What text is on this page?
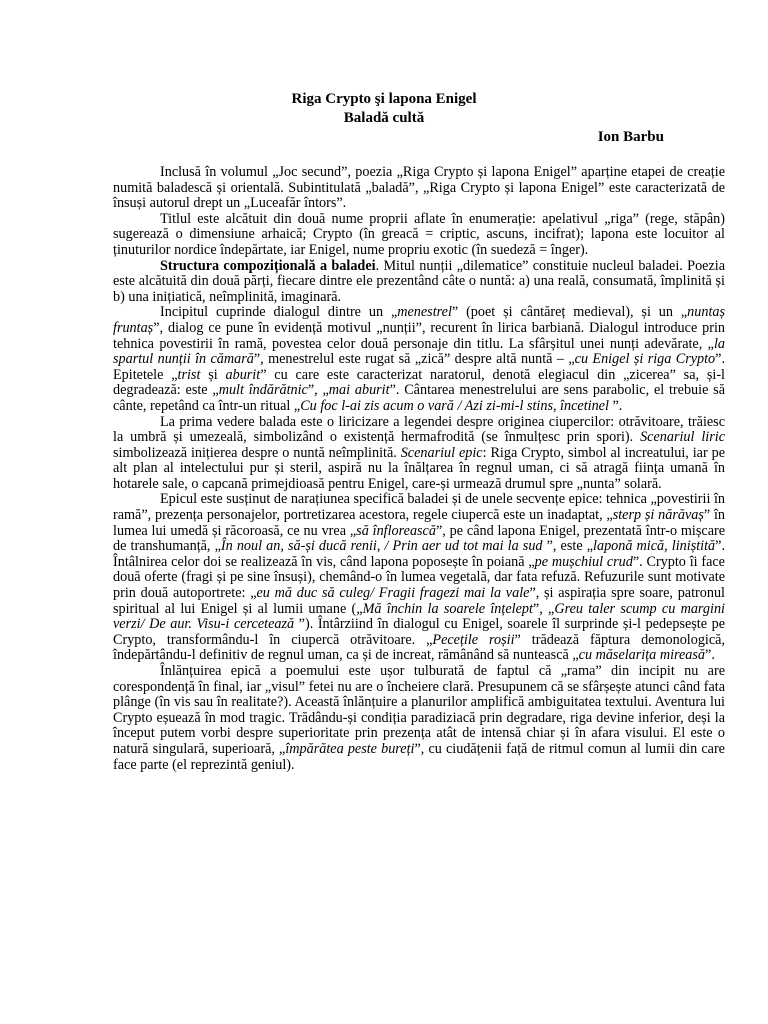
Riga Crypto şi lapona Enigel
Baladă cultă
Ion Barbu

Inclusă în volumul „Joc secund”, poezia „Riga Crypto și lapona Enigel” aparține etapei de creație numită baladescă și orientală. Subintitulată „baladă”, „Riga Crypto și lapona Enigel” este caracterizată de însuși autorul drept un „Luceafăr întors”.

Titlul este alcătuit din două nume proprii aflate în enumerație: apelativul „riga” (rege, stăpân) sugerează o dimensiune arhaică; Crypto (în greacă = criptic, ascuns, incifrat); lapona este locuitor al ținuturilor nordice îndepărtate, iar Enigel, nume propriu exotic (în suedeză = înger).

Structura compozițională a baladei. Mitul nunții „dilematice” constituie nucleul baladei. Poezia este alcătuită din două părți, fiecare dintre ele prezentând câte o nuntă: a) una reală, consumată, împlinită și b) una inițiatică, neîmplinită, imaginară.

Incipitul cuprinde dialogul dintre un „menestrel” (poet și cântăreț medieval), și un „nuntaș fruntaș”, dialog ce pune în evidență motivul „nunții”, recurent în lirica barbiană. Dialogul introduce prin tehnica povestirii în ramă, povestea celor două personaje din titlu. La sfârșitul unei nunți adevărate, „la spartul nunții în cămară”, menestrelul este rugat să „zică” despre altă nuntă – „cu Enigel și riga Crypto”. Epitetele „trist și aburit” cu care este caracterizat naratorul, denotă elegiacul din „zicerea” sa, și-l degradează: este „mult îndărătnic”, „mai aburit”. Cântarea menestrelului are sens parabolic, el trebuie să cânte, repetând ca într-un ritual „Cu foc l-ai zis acum o vară / Azi zi-mi-l stins, încetinel ”.

La prima vedere balada este o liricizare a legendei despre originea ciupercilor: otrăvitoare, trăiesc la umbră și umezeală, simbolizând o existență hermafrodită (se înmulțesc prin spori). Scenariul liric simbolizează inițierea despre o nuntă neîmplinită. Scenariul epic: Riga Crypto, simbol al increatului, iar pe alt plan al intelectului pur și steril, aspiră nu la înălțarea în regnul uman, ci să atragă ființa umană în hotarele sale, o capcană primejdioasă pentru Enigel, care-și urmează drumul spre „nunta” solară.

Epicul este susținut de narațiunea specifică baladei și de unele secvențe epice: tehnica „povestirii în ramă”, prezența personajelor, portretizarea acestora, regele ciupercă este un inadaptat, „sterp și nărăvaș” în lumea lui umedă și răcoroasă, ce nu vrea „să înflorească”, pe când lapona Enigel, prezentată într-o mișcare de transhumanță, „În noul an, să-și ducă renii, / Prin aer ud tot mai la sud ”, este „laponă mică, liniștită”. Întâlnirea celor doi se realizează în vis, când lapona poposește în poiană „pe mușchiul crud”. Crypto îi face două oferte (fragi și pe sine însuși), chemând-o în lumea vegetală, dar fata refuză. Refuzurile sunt motivate prin două autoportrete: „eu mă duc să culeg/ Fragii fragezi mai la vale”, și aspirația spre soare, patronul spiritual al lui Enigel și al lumii umane („Mă închin la soarele înțelept”, „Greu taler scump cu margini verzi/ De aur. Visu-i cercetează ”). Întârziind în dialogul cu Enigel, soarele îl surprinde și-l pedepsește pe Crypto, transformându-l în ciupercă otrăvitoare. „Pecețile roșii” trădează făptura demonologică, îndepărtându-l definitiv de regnul uman, ca și de increat, rămânând să nuntească „cu măselarița mireasă”.

Înlănțuirea epică a poemului este ușor tulburată de faptul că „rama” din incipit nu are corespondență în final, iar „visul” fetei nu are o încheiere clară. Presupunem că se sfârșește atunci când fata plânge (în vis sau în realitate?). Această înlănțuire a planurilor amplifică ambiguitatea textului. Aventura lui Crypto eșuează în mod tragic. Trădându-și condiția paradiziacă prin degradare, riga devine inferior, deși la început putem vorbi despre superioritate prin prezența atât de intensă chiar și în afara visului. El este o natură singulară, superioară, „împărătea peste bureți”, cu ciudățenii față de ritmul comun al lumii din care face parte (el reprezintă geniul).
